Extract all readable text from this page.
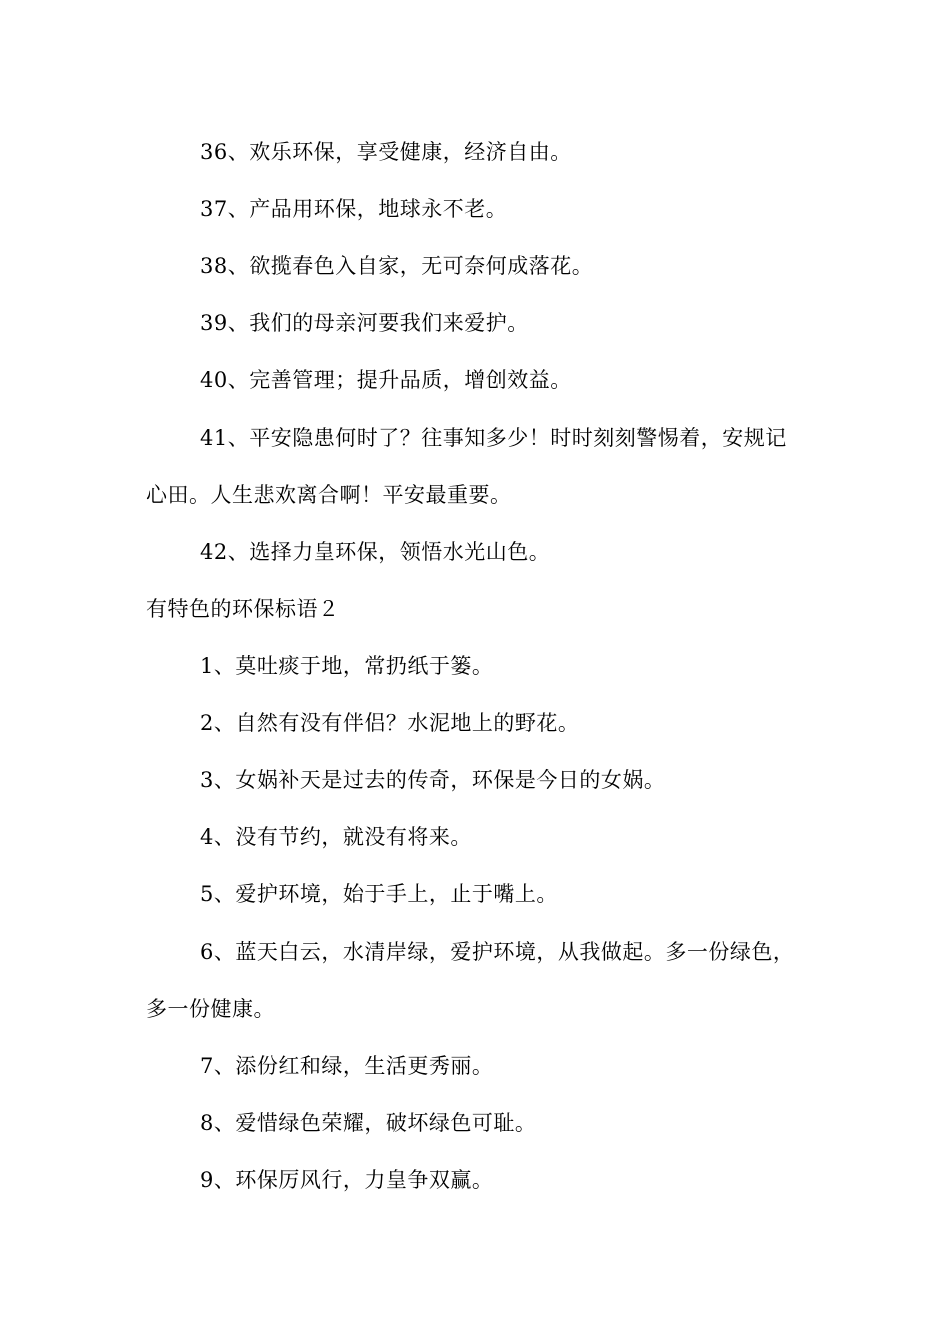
36、欢乐环保，享受健康，经济自由。
37、产品用环保，地球永不老。
38、欲揽春色入自家，无可奈何成落花。
39、我们的母亲河要我们来爱护。
40、完善管理；提升品质，增创效益。
41、平安隐患何时了？往事知多少！时时刻刻警惕着，安规记
心田。人生悲欢离合啊！平安最重要。
42、选择力皇环保，领悟水光山色。
有特色的环保标语２
1、莫吐痰于地，常扔纸于篓。
2、自然有没有伴侣？水泥地上的野花。
3、女娲补天是过去的传奇，环保是今日的女娲。
4、没有节约，就没有将来。
5、爱护环境，始于手上，止于嘴上。
6、蓝天白云，水清岸绿，爱护环境，从我做起。多一份绿色，
多一份健康。
7、添份红和绿，生活更秀丽。
8、爱惜绿色荣耀，破坏绿色可耻。
9、环保厉风行，力皇争双赢。
